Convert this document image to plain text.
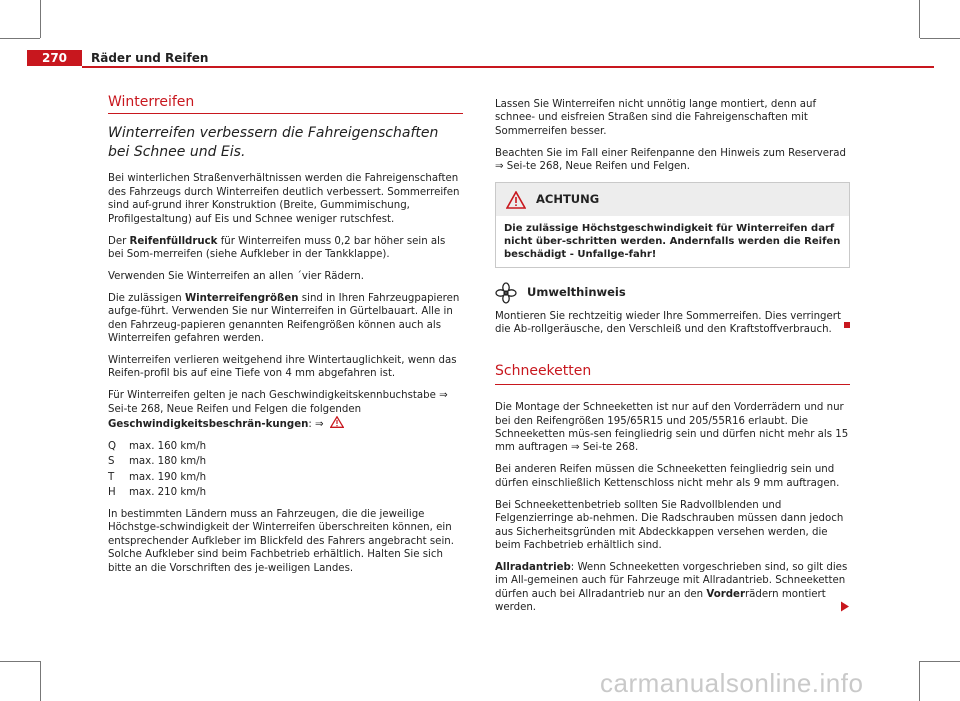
270	Räder und Reifen
Winterreifen
Winterreifen verbessern die Fahreigenschaften bei Schnee und Eis.

Bei winterlichen Straßenverhältnissen werden die Fahreigenschaften des Fahrzeugs durch Winterreifen deutlich verbessert. Sommerreifen sind auf-grund ihrer Konstruktion (Breite, Gummimischung, Profilgestaltung) auf Eis und Schnee weniger rutschfest.

Der Reifenfülldruck für Winterreifen muss 0,2 bar höher sein als bei Som-merreifen (siehe Aufkleber in der Tankklappe).

Verwenden Sie Winterreifen an allen ´vier Rädern.

Die zulässigen Winterreifengrößen sind in Ihren Fahrzeugpapieren aufge-führt. Verwenden Sie nur Winterreifen in Gürtelbauart. Alle in den Fahrzeug-papieren genannten Reifengrößen können auch als Winterreifen gefahren werden.

Winterreifen verlieren weitgehend ihre Wintertauglichkeit, wenn das Reifen-profil bis auf eine Tiefe von 4 mm abgefahren ist.

Für Winterreifen gelten je nach Geschwindigkeitskennbuchstabe ⇒ Sei-te 268, Neue Reifen und Felgen die folgenden Geschwindigkeitsbeschrän-kungen: ⇒

Q	max. 160 km/h
S	max. 180 km/h
T	max. 190 km/h
H	max. 210 km/h

In bestimmten Ländern muss an Fahrzeugen, die die jeweilige Höchstge-schwindigkeit der Winterreifen überschreiten können, ein entsprechender Aufkleber im Blickfeld des Fahrers angebracht sein. Solche Aufkleber sind beim Fachbetrieb erhältlich. Halten Sie sich bitte an die Vorschriften des je-weiligen Landes.

Lassen Sie Winterreifen nicht unnötig lange montiert, denn auf schnee- und eisfreien Straßen sind die Fahreigenschaften mit Sommerreifen besser.

Beachten Sie im Fall einer Reifenpanne den Hinweis zum Reserverad ⇒ Sei-te 268, Neue Reifen und Felgen.

ACHTUNG
Die zulässige Höchstgeschwindigkeit für Winterreifen darf nicht über-schritten werden. Andernfalls werden die Reifen beschädigt - Unfallge-fahr!
Umwelthinweis

Montieren Sie rechtzeitig wieder Ihre Sommerreifen. Dies verringert die Ab-rollgeräusche, den Verschleiß und den Kraftstoffverbrauch.

Schneeketten

Die Montage der Schneeketten ist nur auf den Vorderrädern und nur bei den Reifengrößen 195/65R15 und 205/55R16 erlaubt. Die Schneeketten müs-sen feingliedrig sein und dürfen nicht mehr als 15 mm auftragen ⇒ Sei-te 268.

Bei anderen Reifen müssen die Schneeketten feingliedrig sein und dürfen einschließlich Kettenschloss nicht mehr als 9 mm auftragen.

Bei Schneekettenbetrieb sollten Sie Radvollblenden und Felgenzierringe ab-nehmen. Die Radschrauben müssen dann jedoch aus Sicherheitsgründen mit Abdeckkappen versehen werden, die beim Fachbetrieb erhältlich sind.

Allradantrieb: Wenn Schneeketten vorgeschrieben sind, so gilt dies im All-gemeinen auch für Fahrzeuge mit Allradantrieb. Schneeketten dürfen auch bei Allradantrieb nur an den Vorderrädern montiert werden.

carmanualsonline.info
